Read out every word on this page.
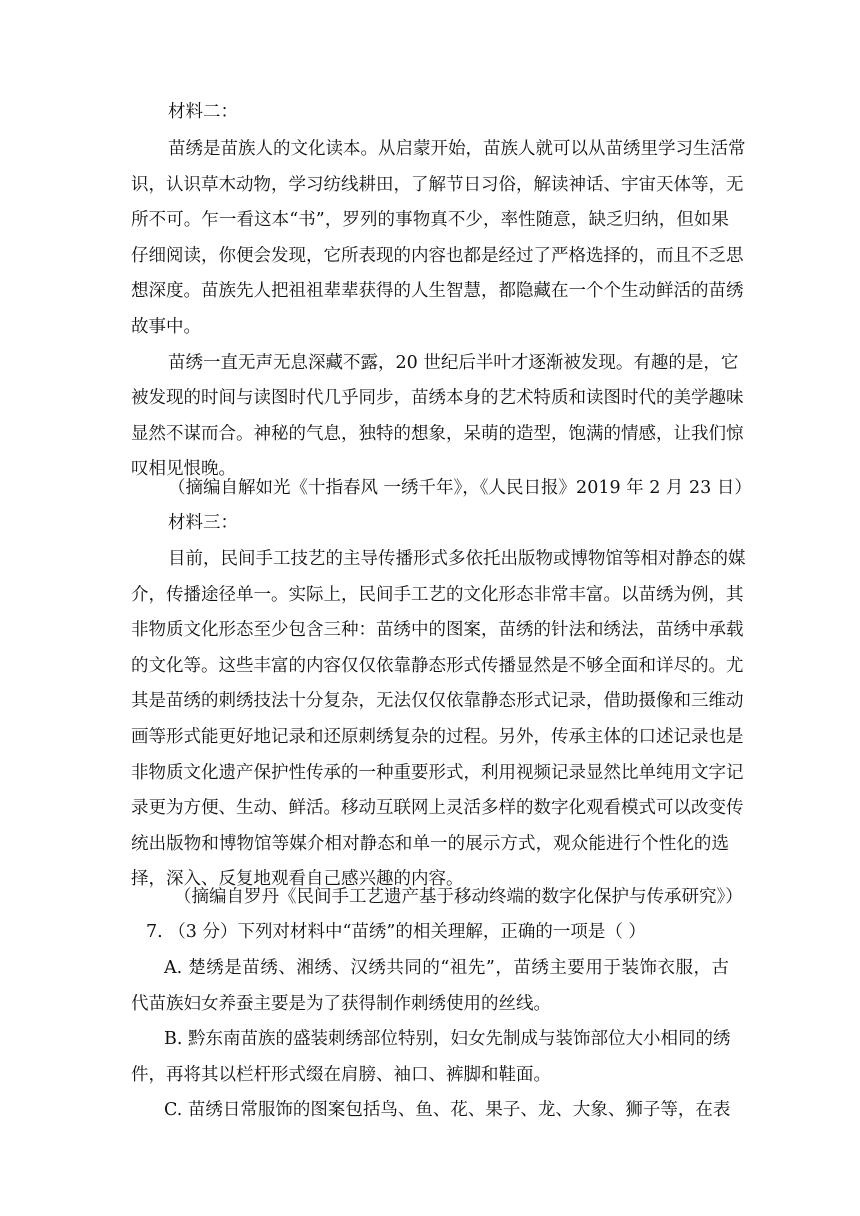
材料二：
苗绣是苗族人的文化读本。从启蒙开始，苗族人就可以从苗绣里学习生活常
识，认识草木动物，学习纺线耕田，了解节日习俗，解读神话、宇宙天体等，无
所不可。乍一看这本“书”，罗列的事物真不少，率性随意，缺乏归纳，但如果
仔细阅读，你便会发现，它所表现的内容也都是经过了严格选择的，而且不乏思
想深度。苗族先人把祖祖辈辈获得的人生智慧，都隐藏在一个个生动鲜活的苗绣
故事中。
苗绣一直无声无息深藏不露，20 世纪后半叶才逐渐被发现。有趣的是，它
被发现的时间与读图时代几乎同步，苗绣本身的艺术特质和读图时代的美学趣味
显然不谋而合。神秘的气息，独特的想象，呆萌的造型，饱满的情感，让我们惊
叹相见恨晚。
（摘编自解如光《十指春风 一绣千年》，《人民日报》2019 年 2 月 23 日）
材料三：
目前，民间手工技艺的主导传播形式多依托出版物或博物馆等相对静态的媒
介，传播途径单一。实际上，民间手工艺的文化形态非常丰富。以苗绣为例，其
非物质文化形态至少包含三种：苗绣中的图案，苗绣的针法和绣法，苗绣中承载
的文化等。这些丰富的内容仅仅依靠静态形式传播显然是不够全面和详尽的。尤
其是苗绣的刺绣技法十分复杂，无法仅仅依靠静态形式记录，借助摄像和三维动
画等形式能更好地记录和还原刺绣复杂的过程。另外，传承主体的口述记录也是
非物质文化遗产保护性传承的一种重要形式，利用视频记录显然比单纯用文字记
录更为方便、生动、鲜活。移动互联网上灵活多样的数字化观看模式可以改变传
统出版物和博物馆等媒介相对静态和单一的展示方式，观众能进行个性化的选
择，深入、反复地观看自己感兴趣的内容。
（摘编自罗丹《民间手工艺遗产基于移动终端的数字化保护与传承研究》）
7. （3 分）下列对材料中“苗绣”的相关理解，正确的一项是（ ）
A. 楚绣是苗绣、湘绣、汉绣共同的“祖先”，苗绣主要用于装饰衣服，古
代苗族妇女养蚕主要是为了获得制作刺绣使用的丝线。
B. 黔东南苗族的盛装刺绣部位特别，妇女先制成与装饰部位大小相同的绣
件，再将其以栏杆形式缀在肩膀、袖口、裤脚和鞋面。
C. 苗绣日常服饰的图案包括鸟、鱼、花、果子、龙、大象、狮子等，在表
